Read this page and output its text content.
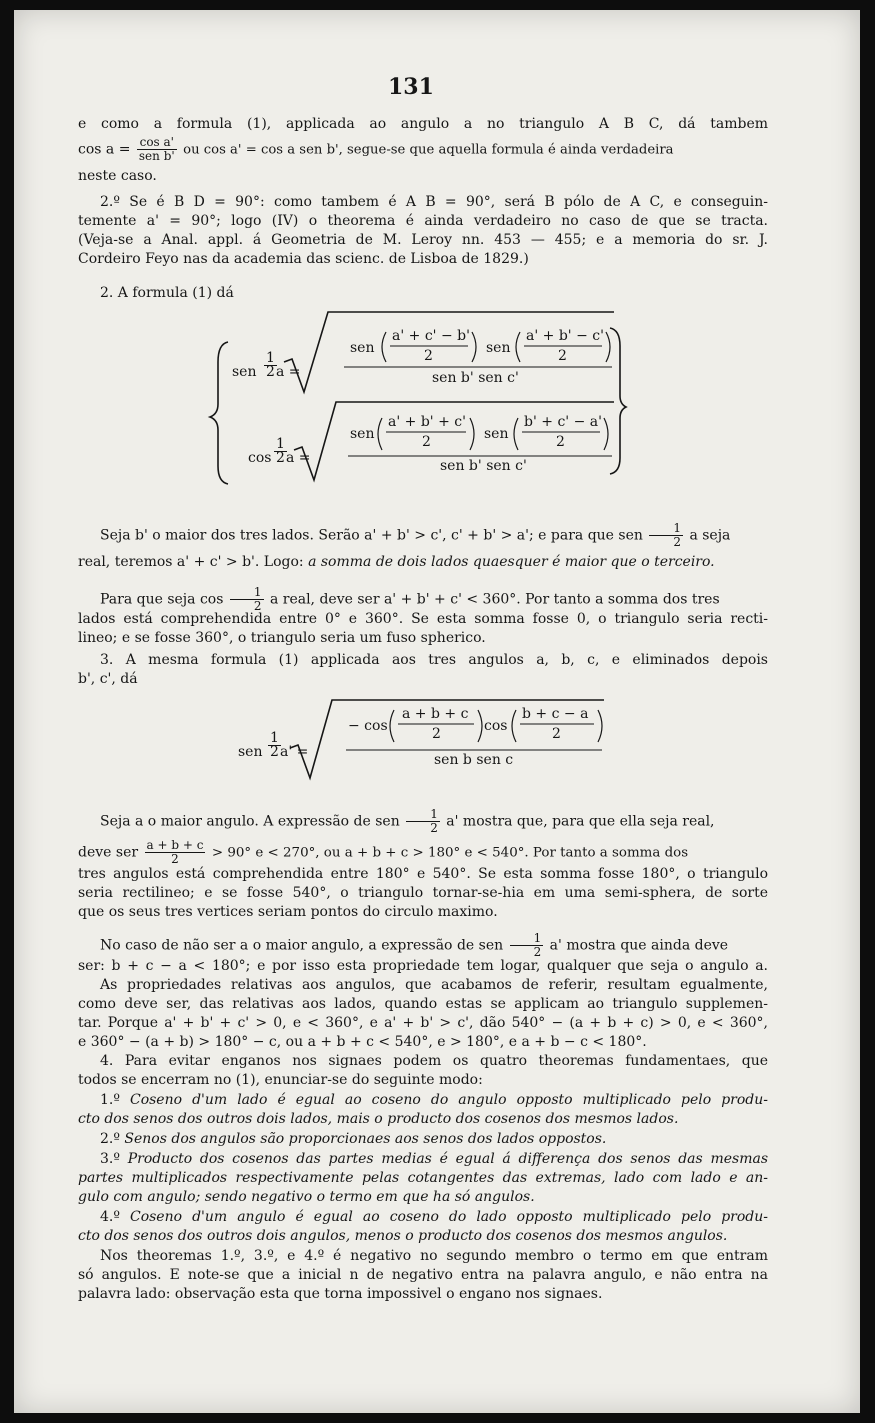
131
e como a formula (1), applicada ao angulo a no triangulo A B C, dá tambem
$\cos a = \frac{\text{cos a'}}{\text{sen b'}}$ ou cos a' = cos a sen b', segue-se que aquella formula é ainda verdadeira
neste caso.
2.º Se é B D = 90°: como tambem é A B = 90°, será B pólo de A C, e conseguin-
temente a' = 90°; logo (IV) o theorema é ainda verdadeiro no caso de que se tracta.
(Veja-se a Anal. appl. á Geometria de M. Leroy nn. 453 — 455; e a memoria do sr. J.
Cordeiro Feyo nas da academia das scienc. de Lisboa de 1829.)
2. A formula (1) dá
sen $\frac{1}{2}$ a =
sen
a' + c' − b'
2	sen
a' + b' − c'
2
sen b' sen c'
$\cos \frac{1}{2}$ a =
sen
a' + b' + c'
2	sen
b' + c' − a'
2
sen b' sen c'
Seja b' o maior dos tres lados. Serão a' + b' > c', c' + b' > a'; e para que sen $\frac{1}{2}$ a seja
real, teremos a' + c' > b'. Logo: a somma de dois lados quaesquer é maior que o terceiro.
Para que seja $\cos \frac{1}{2}$ a real, deve ser a' + b' + c' < 360°. Por tanto a somma dos tres
lados está comprehendida entre 0° e 360°. Se esta somma fosse 0, o triangulo seria recti-
lineo; e se fosse 360°, o triangulo seria um fuso spherico.
3. A mesma formula (1) applicada aos tres angulos a, b, c, e eliminados depois
b', c', dá
sen $\frac{1}{2} a'$ =
− cos
a + b + c
2	cos
b + c − a
2
sen b sen c
Seja a o maior angulo. A expressão de sen $\frac{1}{2} a'$ mostra que, para que ella seja real,
deve ser $\frac{a + b + c}{2} > 90^\circ$ e < 270°, ou a + b + c > 180° e < 540°. Por tanto a somma dos
tres angulos está comprehendida entre 180° e 540°. Se esta somma fosse 180°, o triangulo
seria rectilineo; e se fosse 540°, o triangulo tornar-se-hia em uma semi-sphera, de sorte
que os seus tres vertices seriam pontos do circulo maximo.
No caso de não ser a o maior angulo, a expressão de sen $\frac{1}{2} a'$ mostra que ainda deve
ser: b + c − a < 180°; e por isso esta propriedade tem logar, qualquer que seja o angulo a.
As propriedades relativas aos angulos, que acabamos de referir, resultam egualmente,
como deve ser, das relativas aos lados, quando estas se applicam ao triangulo supplemen-
tar. Porque a' + b' + c' > 0, e < 360°, e a' + b' > c', dão 540° − (a + b + c) > 0, e < 360°,
e 360° − (a + b) > 180° − c, ou a + b + c < 540°, e > 180°, e a + b − c < 180°.
4. Para evitar enganos nos signaes podem os quatro theoremas fundamentaes, que
todos se encerram no (1), enunciar-se do seguinte modo:
1.º Coseno d'um lado é egual ao coseno do angulo opposto multiplicado pelo produ-
cto dos senos dos outros dois lados, mais o producto dos cosenos dos mesmos lados.
2.º Senos dos angulos são proporcionaes aos senos dos lados oppostos.
3.º Producto dos cosenos das partes medias é egual á differença dos senos das mesmas
partes multiplicados respectivamente pelas cotangentes das extremas, lado com lado e an-
gulo com angulo; sendo negativo o termo em que ha só angulos.
4.º Coseno d'um angulo é egual ao coseno do lado opposto multiplicado pelo produ-
cto dos senos dos outros dois angulos, menos o producto dos cosenos dos mesmos angulos.
Nos theoremas 1.º, 3.º, e 4.º é negativo no segundo membro o termo em que entram
só angulos. E note-se que a inicial n de negativo entra na palavra angulo, e não entra na
palavra lado: observação esta que torna impossivel o engano nos signaes.
